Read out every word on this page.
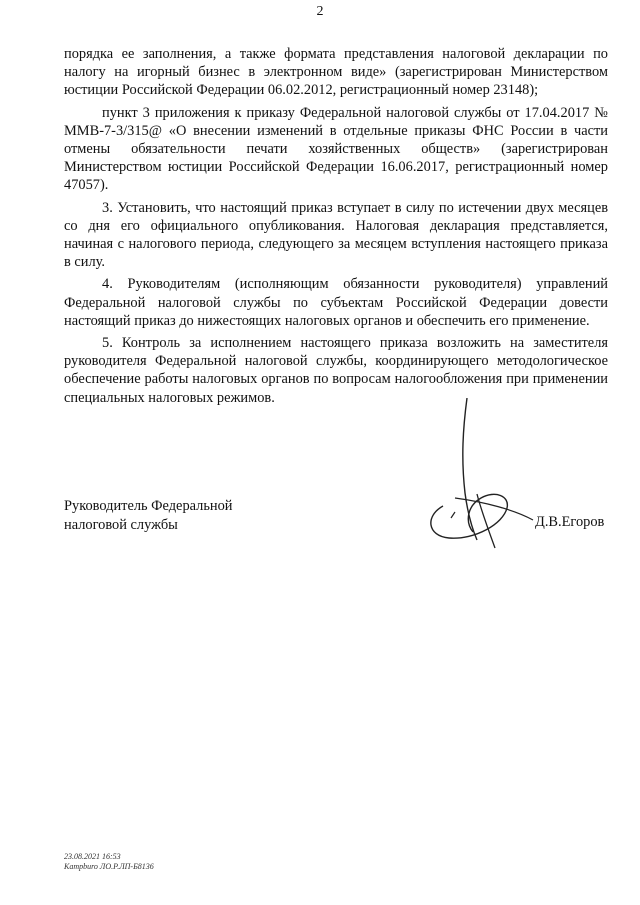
2

порядка ее заполнения, а также формата представления налоговой декларации по налогу на игорный бизнес в электронном виде» (зарегистрирован Министерством юстиции Российской Федерации 06.02.2012, регистрационный номер 23148);

пункт 3 приложения к приказу Федеральной налоговой службы от 17.04.2017 № ММВ-7-3/315@ «О внесении изменений в отдельные приказы ФНС России в части отмены обязательности печати хозяйственных обществ» (зарегистрирован Министерством юстиции Российской Федерации 16.06.2017, регистрационный номер 47057).

3. Установить, что настоящий приказ вступает в силу по истечении двух месяцев со дня его официального опубликования. Налоговая декларация представляется, начиная с налогового периода, следующего за месяцем вступления настоящего приказа в силу.

4. Руководителям (исполняющим обязанности руководителя) управлений Федеральной налоговой службы по субъектам Российской Федерации довести настоящий приказ до нижестоящих налоговых органов и обеспечить его применение.

5. Контроль за исполнением настоящего приказа возложить на заместителя руководителя Федеральной налоговой службы, координирующего методологическое обеспечение работы налоговых органов по вопросам налогообложения при применении специальных налоговых режимов.

Руководитель Федеральной
налоговой службы	Д.В.Егоров
23.08.2021 16:53
Kampburo ЛО.Р.ЛП-Б8136
